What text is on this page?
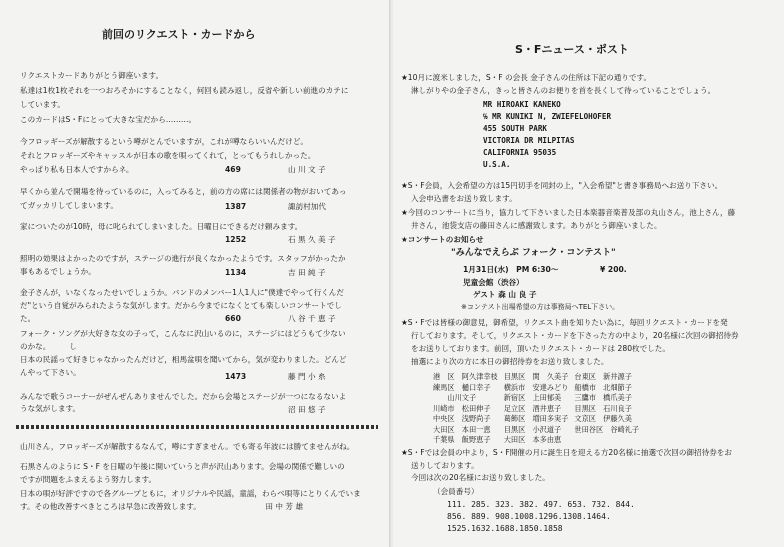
前回のリクエスト・カードから
リクエストカードありがとう御座います。
私達は1枚1枚それを一つおろそかにすることなく，何回も読み返し，反省や新しい前進のカテに
しています。
このカードはS・Fにとって大きな宝だから………。
今フロッギーズが解散するという噂がとんでいますが，これが噂ならいいんだけど。
それとフロッギーズやキャッスルが日本の歌を唄ってくれて，とってもうれしかった。
やっぱり私も日本人ですからネ。	469	山 川 文 子
早くから並んで開場を待っているのに，入ってみると，前の方の席には関係者の物がおいてあっ
てガッカリしてしまいます。	1387	諏訪村加代
家についたのが10時，母に叱られてしまいました。日曜日にできるだけ頼みます。
1252	石 黒 久 美 子
照明の効果はよかったのですが，ステージの進行が良くなかったようです。スタッフがかったか
事もあるでしょうか。	1134	吉 田 純 子
金子さんが，いなくなったせいでしょうか。バンドのメンバー1人1人に"僕達でやって行くんだ
だ"という自覚がみられたような気がします。だから今までになくとても楽しいコンサートでし
た。	660	八 谷 千 恵 子
フォーク・ソングが大好きな女の子って，こんなに沢山いるのに，ステージにはどうもて少ない
のかな。　　　し
日本の民謡って好きじゃなかったんだけど，相馬盆唄を聞いてから，気が変わりました。どんど
んやって下さい。	1473	藤 門 小 糸
みんなで歌うコーナーがぜんぜんありませんでした。だから会場とステージが一つになるないよ
うな気がします。	沼 田 悠 子
山川さん，フロッギーズが解散するなんて，噂にすぎません。でも寄る年波には勝てませんがね。
石黒さんのように S・F を日曜の午後に開いていうと声が沢山あります。会場の関係で難しいの
ですが問題をふまえるよう努力します。
日本の唄が好評ですので各グループともに，オリジナルや民謡，童謡，わらべ唄等にとりくんでいま
す。その他改善すべきところは早急に改善致します。　　　　　　　　　田 中 芳 雄
S・Fニュース・ポスト
★10月に渡米しました，S・F の会長 金子さんの住所は下記の通りです。
淋しがりやの金子さん，きっと皆さんのお便りを首を長くして待っていることでしょう。
MR HIROAKI KANEKO
℅ MR KUNIKI N, ZWIEFELOHOFER
455 SOUTH PARK
VICTORIA DR MILPITAS
CALIFORNIA 95035
U.S.A.
★S・F会員，入会希望の方は15円切手を同封の上，"入会希望"と書き事務局へお送り下さい。
入会申込書をお送り致します。
★今回のコンサートに当り，協力して下さいました日本楽器音楽普及部の丸山さん，池上さん，藤
井さん，池袋支店の藤田さんに感謝致します。ありがとう御座いました。
★コンサートのお知らせ
"みんなでえらぶ フォーク・コンテスト"
1月31日(水)　PM 6:30～	¥ 200.
児童会館（渋谷）
ゲスト 森 山 良 子
※コンテスト出場希望の方は事務局へTEL下さい。
★S・Fでは皆様の御意見，御希望，リクエスト曲を知りたい為に，毎回リクエスト・カードを発
行しております。そして，リクエスト・カードを下さった方の中より，20名様に次回の御招待券
をお送りしております。前回，頂いたリクエスト・カードは 280枚でした。
抽選により次の方に本日の御招待券をお送り致しました。
港　区　阿久津幸枝	目黒区　関　久美子	台東区　新井源子
練馬区　樋口幸子	横浜市　安達みどり	船橋市　北畑節子
　　山川文子	新宿区　上田郁美	三鷹市　橋爪美子
川崎市　松田伸子	足立区　酒井恵子	目黒区　石川良子
中央区　浅野尚子	葛飾区　増田多実子	文京区　伊藤久美
大田区　本田一恵	目黒区　小沢道子	世田谷区　谷崎礼子
千葉県　飯野恵子	大田区　本多由恵	
★S・Fでは会員の中より，S・F開催の月に誕生日を迎える方20名様に抽選で次回の御招待券をお
送りしております。
今回は次の20名様にお送り致しました。
（会員番号）
111. 285. 323. 382. 497. 653. 732. 844.
856. 889. 908.1008.1296.1308.1464.
1525.1632.1688.1850.1858
